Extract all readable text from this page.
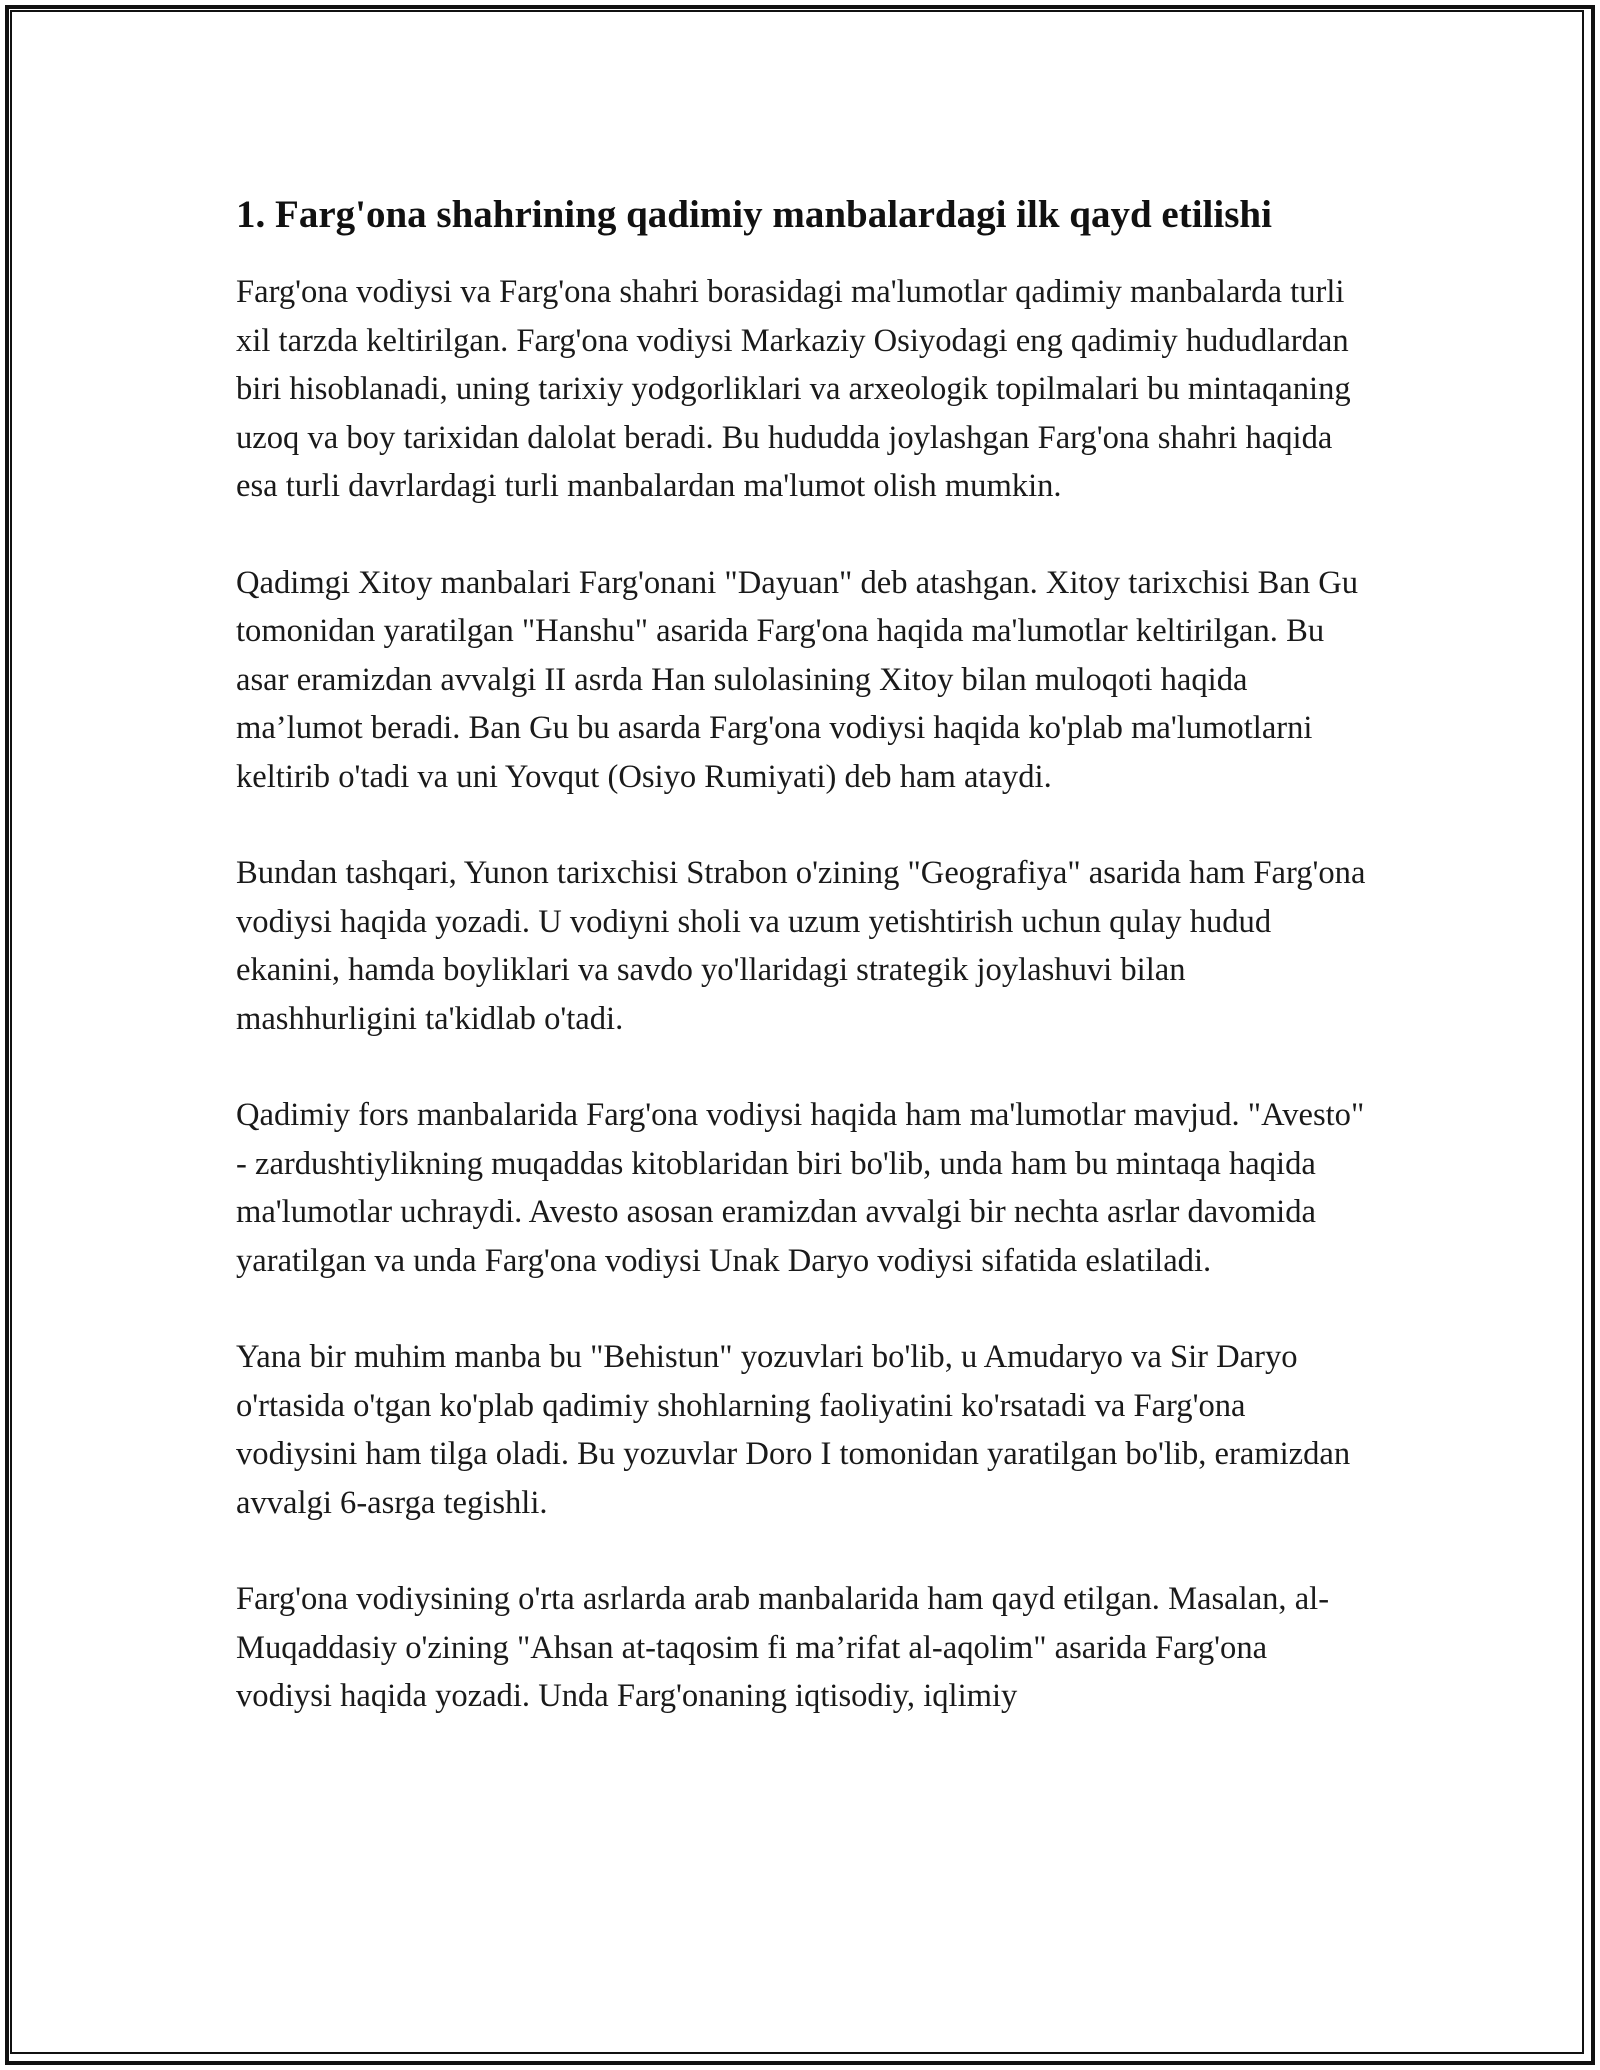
1. Farg'ona shahrining qadimiy manbalardagi ilk qayd etilishi

Farg'ona vodiysi va Farg'ona shahri borasidagi ma'lumotlar qadimiy manbalarda turli xil tarzda keltirilgan. Farg'ona vodiysi Markaziy Osiyodagi eng qadimiy hududlardan biri hisoblanadi, uning tarixiy yodgorliklari va arxeologik topilmalari bu mintaqaning uzoq va boy tarixidan dalolat beradi. Bu hududda joylashgan Farg'ona shahri haqida esa turli davrlardagi turli manbalardan ma'lumot olish mumkin.

Qadimgi Xitoy manbalari Farg'onani "Dayuan" deb atashgan. Xitoy tarixchisi Ban Gu tomonidan yaratilgan "Hanshu" asarida Farg'ona haqida ma'lumotlar keltirilgan. Bu asar eramizdan avvalgi II asrda Han sulolasining Xitoy bilan muloqoti haqida ma’lumot beradi. Ban Gu bu asarda Farg'ona vodiysi haqida ko'plab ma'lumotlarni keltirib o'tadi va uni Yovqut (Osiyo Rumiyati) deb ham ataydi.

Bundan tashqari, Yunon tarixchisi Strabon o'zining "Geografiya" asarida ham Farg'ona vodiysi haqida yozadi. U vodiyni sholi va uzum yetishtirish uchun qulay hudud ekanini, hamda boyliklari va savdo yo'llaridagi strategik joylashuvi bilan mashhurligini ta'kidlab o'tadi.

Qadimiy fors manbalarida Farg'ona vodiysi haqida ham ma'lumotlar mavjud. "Avesto" - zardushtiylikning muqaddas kitoblaridan biri bo'lib, unda ham bu mintaqa haqida ma'lumotlar uchraydi. Avesto asosan eramizdan avvalgi bir nechta asrlar davomida yaratilgan va unda Farg'ona vodiysi Unak Daryo vodiysi sifatida eslatiladi.

Yana bir muhim manba bu "Behistun" yozuvlari bo'lib, u Amudaryo va Sir Daryo o'rtasida o'tgan ko'plab qadimiy shohlarning faoliyatini ko'rsatadi va Farg'ona vodiysini ham tilga oladi. Bu yozuvlar Doro I tomonidan yaratilgan bo'lib, eramizdan avvalgi 6-asrga tegishli.

Farg'ona vodiysining o'rta asrlarda arab manbalarida ham qayd etilgan. Masalan, al-Muqaddasiy o'zining "Ahsan at-taqosim fi ma’rifat al-aqolim" asarida Farg'ona vodiysi haqida yozadi. Unda Farg'onaning iqtisodiy, iqlimiy
